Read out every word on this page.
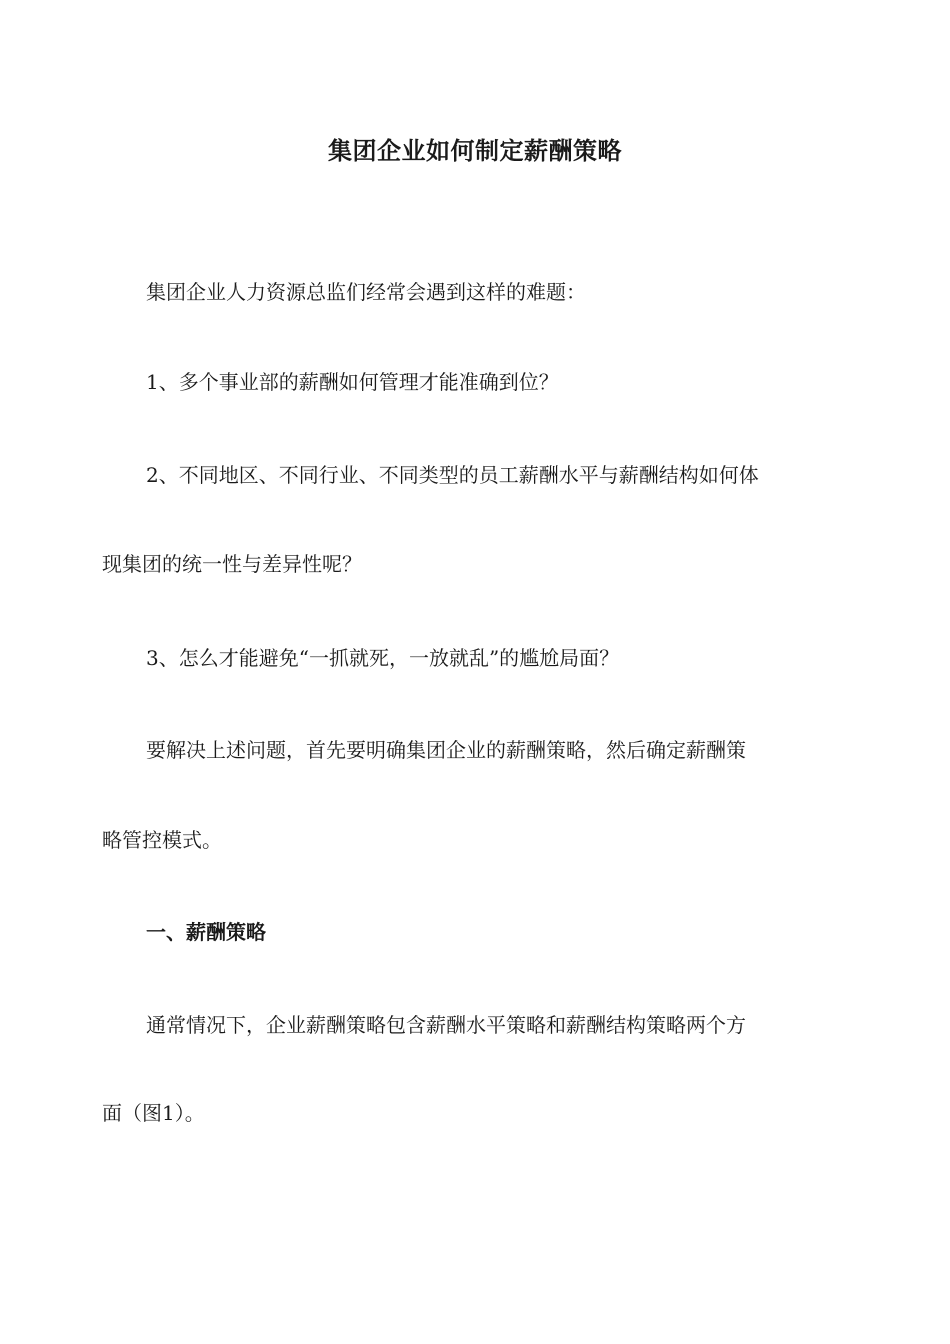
集团企业如何制定薪酬策略
集团企业人力资源总监们经常会遇到这样的难题：
1、多个事业部的薪酬如何管理才能准确到位？
2、不同地区、不同行业、不同类型的员工薪酬水平与薪酬结构如何体
现集团的统一性与差异性呢？
3、怎么才能避免“一抓就死，一放就乱”的尴尬局面？
要解决上述问题，首先要明确集团企业的薪酬策略，然后确定薪酬策
略管控模式。
一、薪酬策略
通常情况下，企业薪酬策略包含薪酬水平策略和薪酬结构策略两个方
面（图1）。
